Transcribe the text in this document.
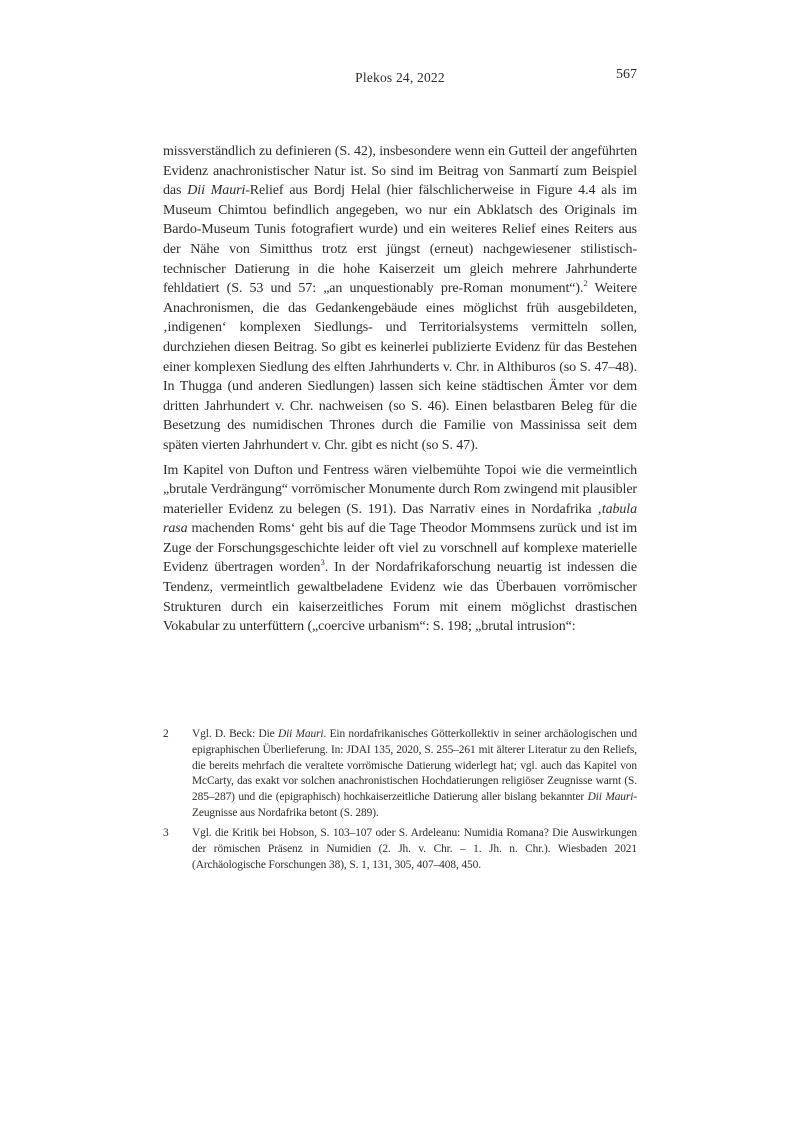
Plekos 24, 2022	567

missverständlich zu definieren (S. 42), insbesondere wenn ein Gutteil der angeführten Evidenz anachronistischer Natur ist. So sind im Beitrag von Sanmartí zum Beispiel das Dii Mauri-Relief aus Bordj Helal (hier fälschlicherweise in Figure 4.4 als im Museum Chimtou befindlich angegeben, wo nur ein Abklatsch des Originals im Bardo-Museum Tunis fotografiert wurde) und ein weiteres Relief eines Reiters aus der Nähe von Simitthus trotz erst jüngst (erneut) nachgewiesener stilistisch-technischer Datierung in die hohe Kaiserzeit um gleich mehrere Jahrhunderte fehldatiert (S. 53 und 57: „an unquestionably pre-Roman monument“).$^2$ Weitere Anachronismen, die das Gedankengebäude eines möglichst früh ausgebildeten, ‚indigenen‘ komplexen Siedlungs- und Territorialsystems vermitteln sollen, durchziehen diesen Beitrag. So gibt es keinerlei publizierte Evidenz für das Bestehen einer komplexen Siedlung des elften Jahrhunderts v. Chr. in Althiburos (so S. 47–48). In Thugga (und anderen Siedlungen) lassen sich keine städtischen Ämter vor dem dritten Jahrhundert v. Chr. nachweisen (so S. 46). Einen belastbaren Beleg für die Besetzung des numidischen Thrones durch die Familie von Massinissa seit dem späten vierten Jahrhundert v. Chr. gibt es nicht (so S. 47).

Im Kapitel von Dufton und Fentress wären vielbemühte Topoi wie die vermeintlich „brutale Verdrängung“ vorrömischer Monumente durch Rom zwingend mit plausibler materieller Evidenz zu belegen (S. 191). Das Narrativ eines in Nordafrika ‚tabula rasa machenden Roms‘ geht bis auf die Tage Theodor Mommsens zurück und ist im Zuge der Forschungsgeschichte leider oft viel zu vorschnell auf komplexe materielle Evidenz übertragen worden$^3$. In der Nordafrikaforschung neuartig ist indessen die Tendenz, vermeintlich gewaltbeladene Evidenz wie das Überbauen vorrömischer Strukturen durch ein kaiserzeitliches Forum mit einem möglichst drastischen Vokabular zu unterfüttern („coercive urbanism“: S. 198; „brutal intrusion“:

2	Vgl. D. Beck: Die Dii Mauri. Ein nordafrikanisches Götterkollektiv in seiner archäologischen und epigraphischen Überlieferung. In: JDAI 135, 2020, S. 255–261 mit älterer Literatur zu den Reliefs, die bereits mehrfach die veraltete vorrömische Datierung widerlegt hat; vgl. auch das Kapitel von McCarty, das exakt vor solchen anachronistischen Hochdatierungen religiöser Zeugnisse warnt (S. 285–287) und die (epigraphisch) hochkaiserzeitliche Datierung aller bislang bekannter Dii Mauri-Zeugnisse aus Nordafrika betont (S. 289).
3	Vgl. die Kritik bei Hobson, S. 103–107 oder S. Ardeleanu: Numidia Romana? Die Auswirkungen der römischen Präsenz in Numidien (2. Jh. v. Chr. – 1. Jh. n. Chr.). Wiesbaden 2021 (Archäologische Forschungen 38), S. 1, 131, 305, 407–408, 450.
